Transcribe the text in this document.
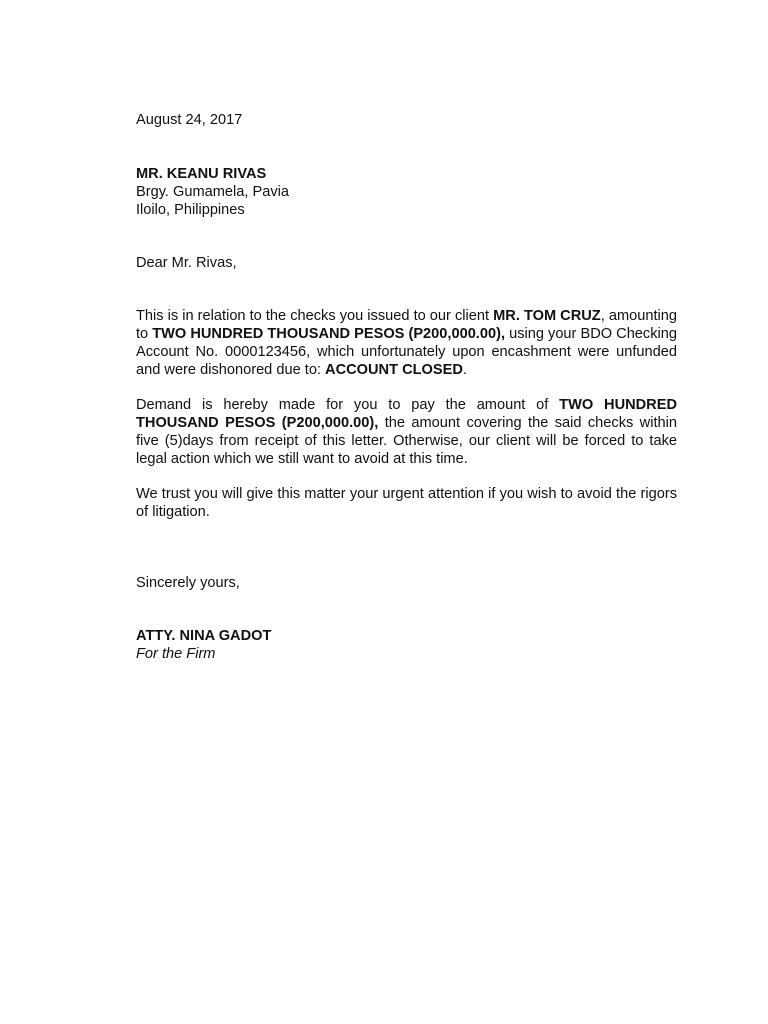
August 24, 2017
MR. KEANU RIVAS
Brgy. Gumamela, Pavia
Iloilo, Philippines
Dear Mr. Rivas,

This is in relation to the checks you issued to our client MR. TOM CRUZ, amounting to TWO HUNDRED THOUSAND PESOS (P200,000.00), using your BDO Checking Account No. 0000123456, which unfortunately upon encashment were unfunded and were dishonored due to: ACCOUNT CLOSED.

Demand is hereby made for you to pay the amount of TWO HUNDRED THOUSAND PESOS (P200,000.00), the amount covering the said checks within five (5)days from receipt of this letter. Otherwise, our client will be forced to take legal action which we still want to avoid at this time.

We trust you will give this matter your urgent attention if you wish to avoid the rigors of litigation.

Sincerely yours,
ATTY. NINA GADOT
For the Firm
